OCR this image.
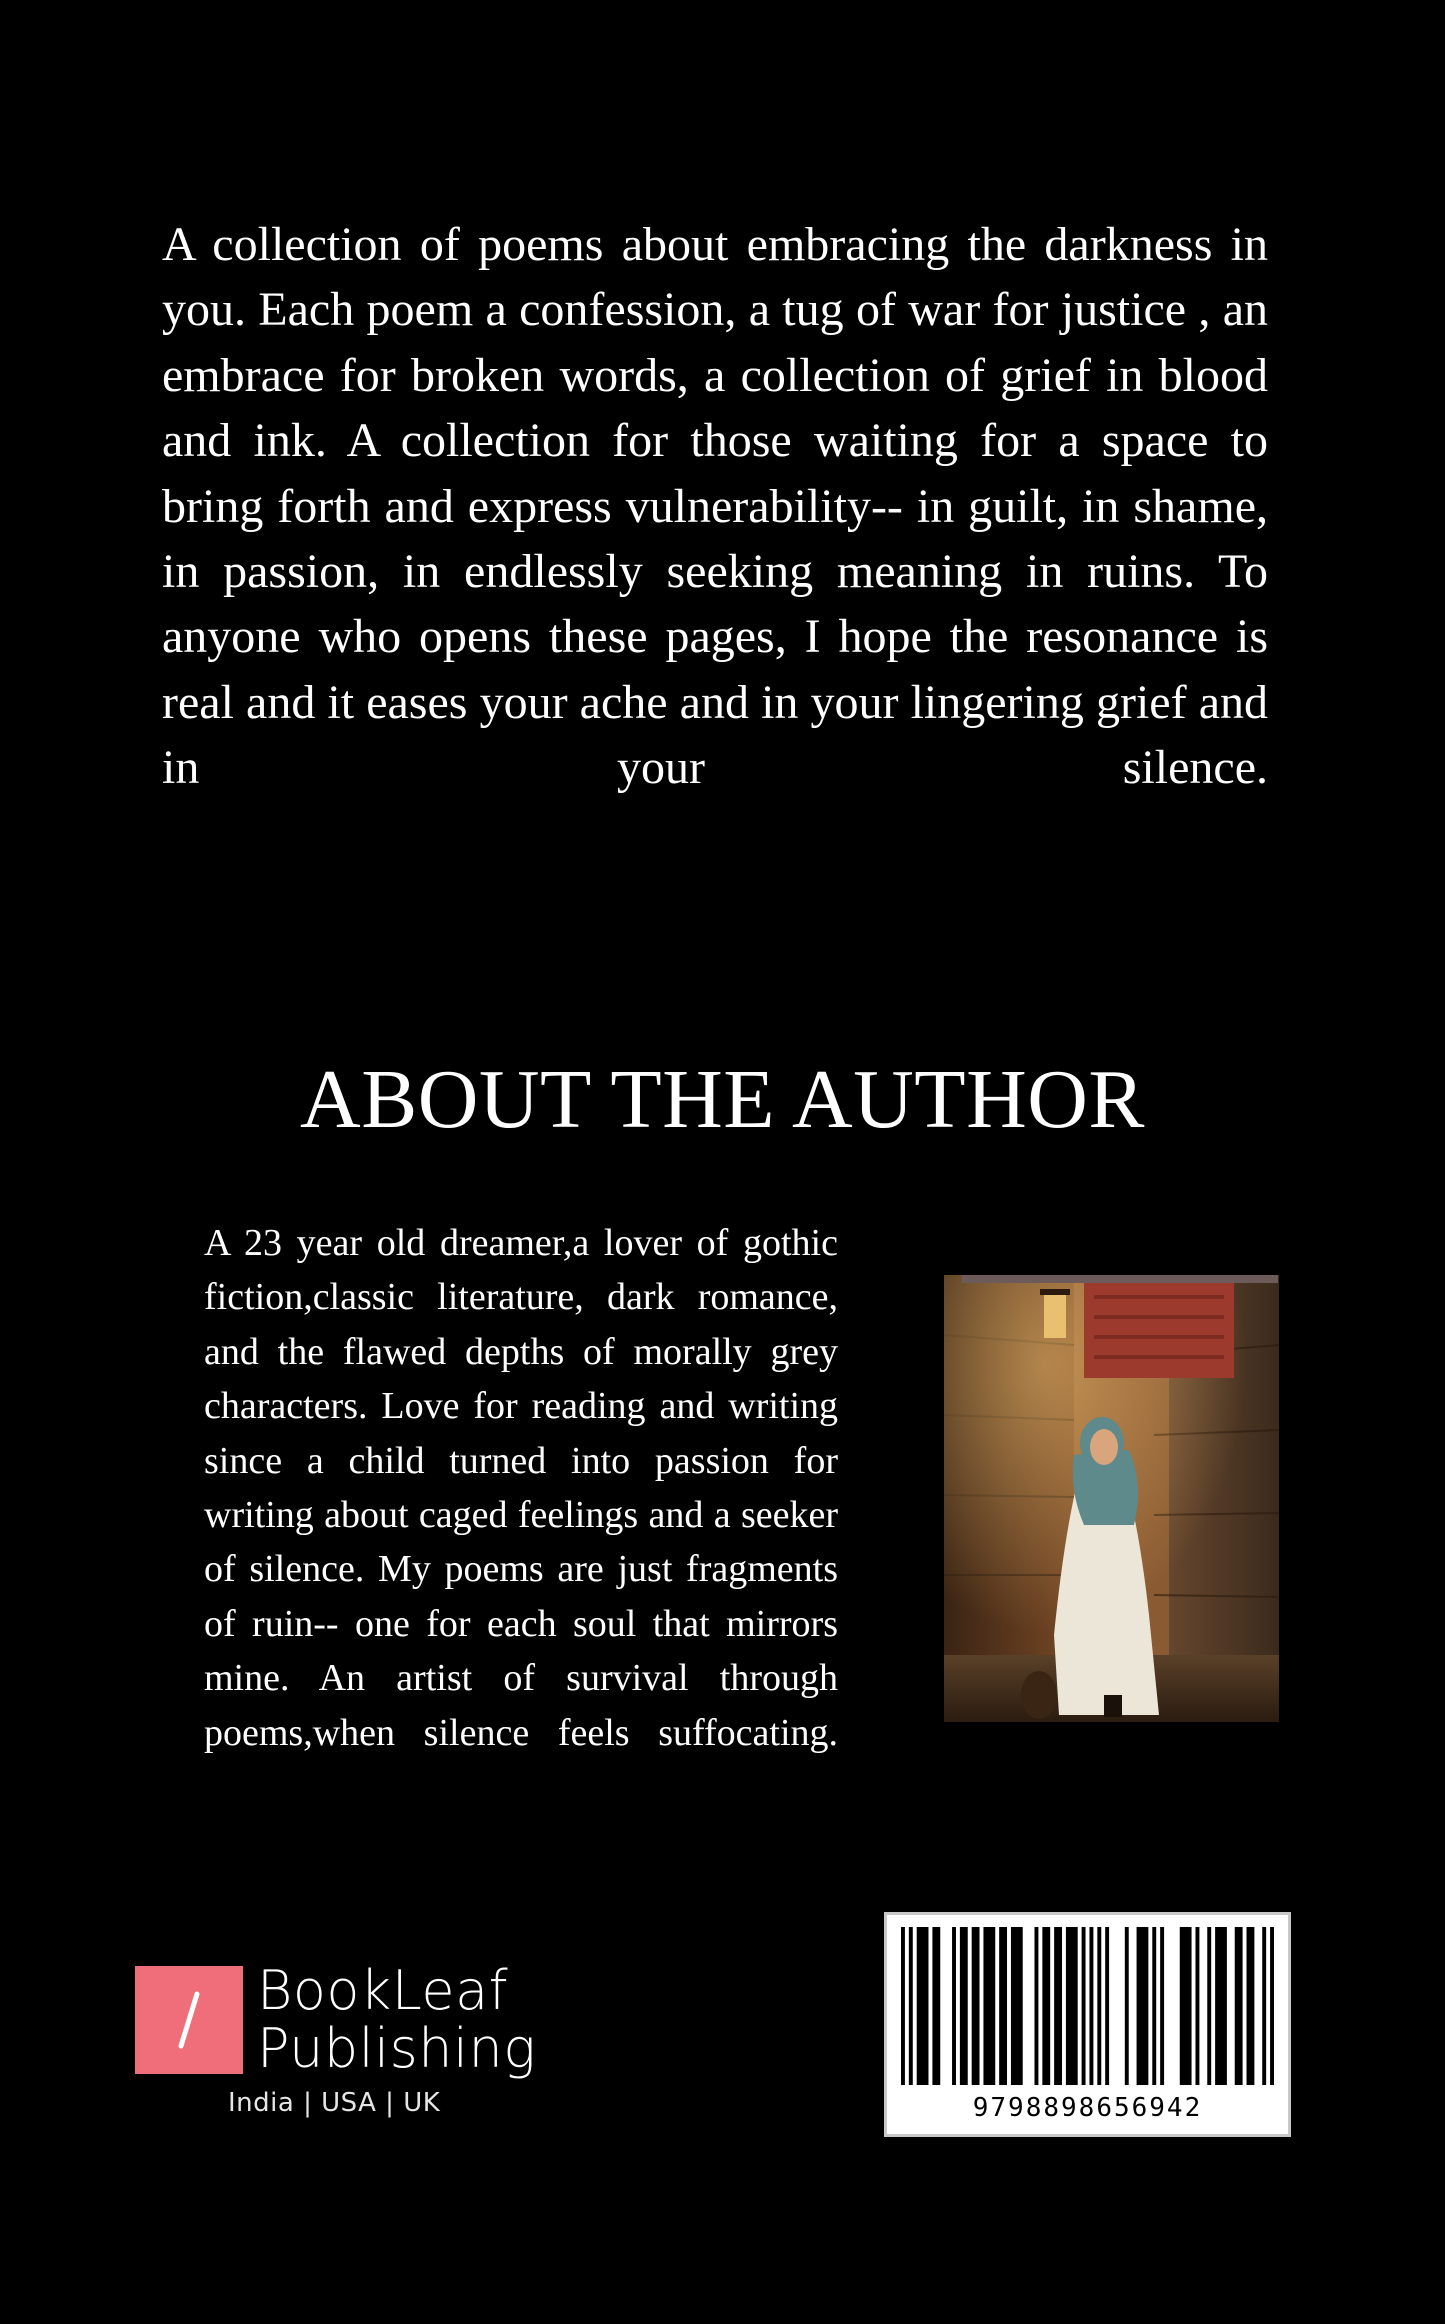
A collection of poems about embracing the darkness in you. Each poem a confession, a tug of war for justice , an embrace for broken words, a collection of grief in blood and ink. A collection for those waiting for a space to bring forth and express vulnerability-- in guilt, in shame, in passion, in endlessly seeking meaning in ruins. To anyone who opens these pages, I hope the resonance is real and it eases your ache and in your lingering grief and in your silence.

ABOUT THE AUTHOR

A 23 year old dreamer,a lover of gothic fiction,classic literature, dark romance, and the flawed depths of morally grey characters. Love for reading and writing since a child turned into passion for writing about caged feelings and a seeker of silence. My poems are just fragments of ruin-- one for each soul that mirrors mine. An artist of survival through poems,when silence feels suffocating.

BookLeaf
Publishing
India | USA | UK	9798898656942
